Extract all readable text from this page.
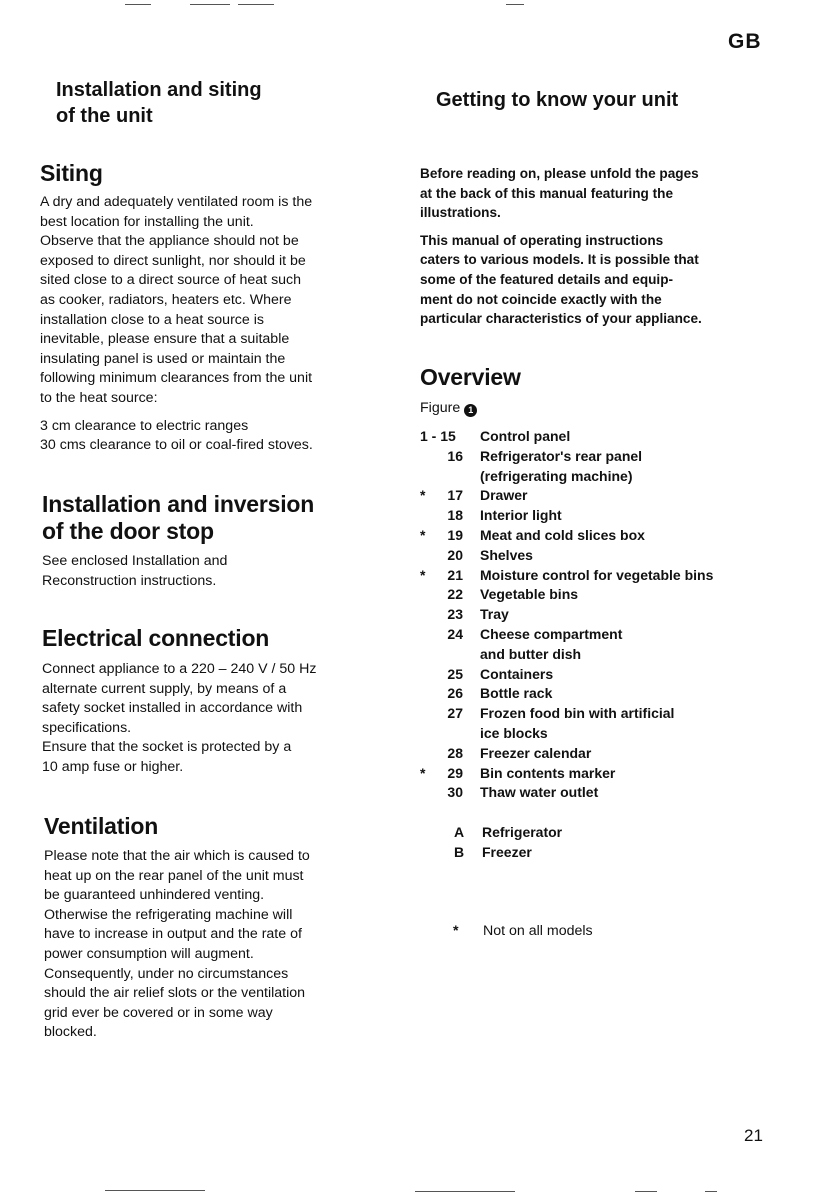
GB
21
Installation and siting
of the unit
Getting to know your unit
Siting

A dry and adequately ventilated room is the
best location for installing the unit.
Observe that the appliance should not be
exposed to direct sunlight, nor should it be
sited close to a direct source of heat such
as cooker, radiators, heaters etc. Where
installation close to a heat source is
inevitable, please ensure that a suitable
insulating panel is used or maintain the
following minimum clearances from the unit
to the heat source:

3 cm clearance to electric ranges
30 cms clearance to oil or coal-fired stoves.

Installation and inversion
of the door stop
See enclosed Installation and
Reconstruction instructions.
Electrical connection
Connect appliance to a 220 – 240 V / 50 Hz
alternate current supply, by means of a
safety socket installed in accordance with
specifications.
Ensure that the socket is protected by a
10 amp fuse or higher.
Ventilation
Please note that the air which is caused to
heat up on the rear panel of the unit must
be guaranteed unhindered venting.
Otherwise the refrigerating machine will
have to increase in output and the rate of
power consumption will augment.
Consequently, under no circumstances
should the air relief slots or the ventilation
grid ever be covered or in some way
blocked.

Before reading on, please unfold the pages
at the back of this manual featuring the
illustrations.

This manual of operating instructions
caters to various models. It is possible that
some of the featured details and equip-
ment do not coincide exactly with the
particular characteristics of your appliance.

Overview
Figure 1
1 - 15 Control panel
16 Refrigerator's rear panel
(refrigerating machine)
*	17 Drawer
18 Interior light
*	19 Meat and cold slices box
20 Shelves
*	21 Moisture control for vegetable bins
22 Vegetable bins
23 Tray
24 Cheese compartment
and butter dish
25 Containers
26 Bottle rack
27 Frozen food bin with artificial
ice blocks
28 Freezer calendar
*	29 Bin contents marker
30 Thaw water outlet
A Refrigerator
B Freezer
* Not on all models
